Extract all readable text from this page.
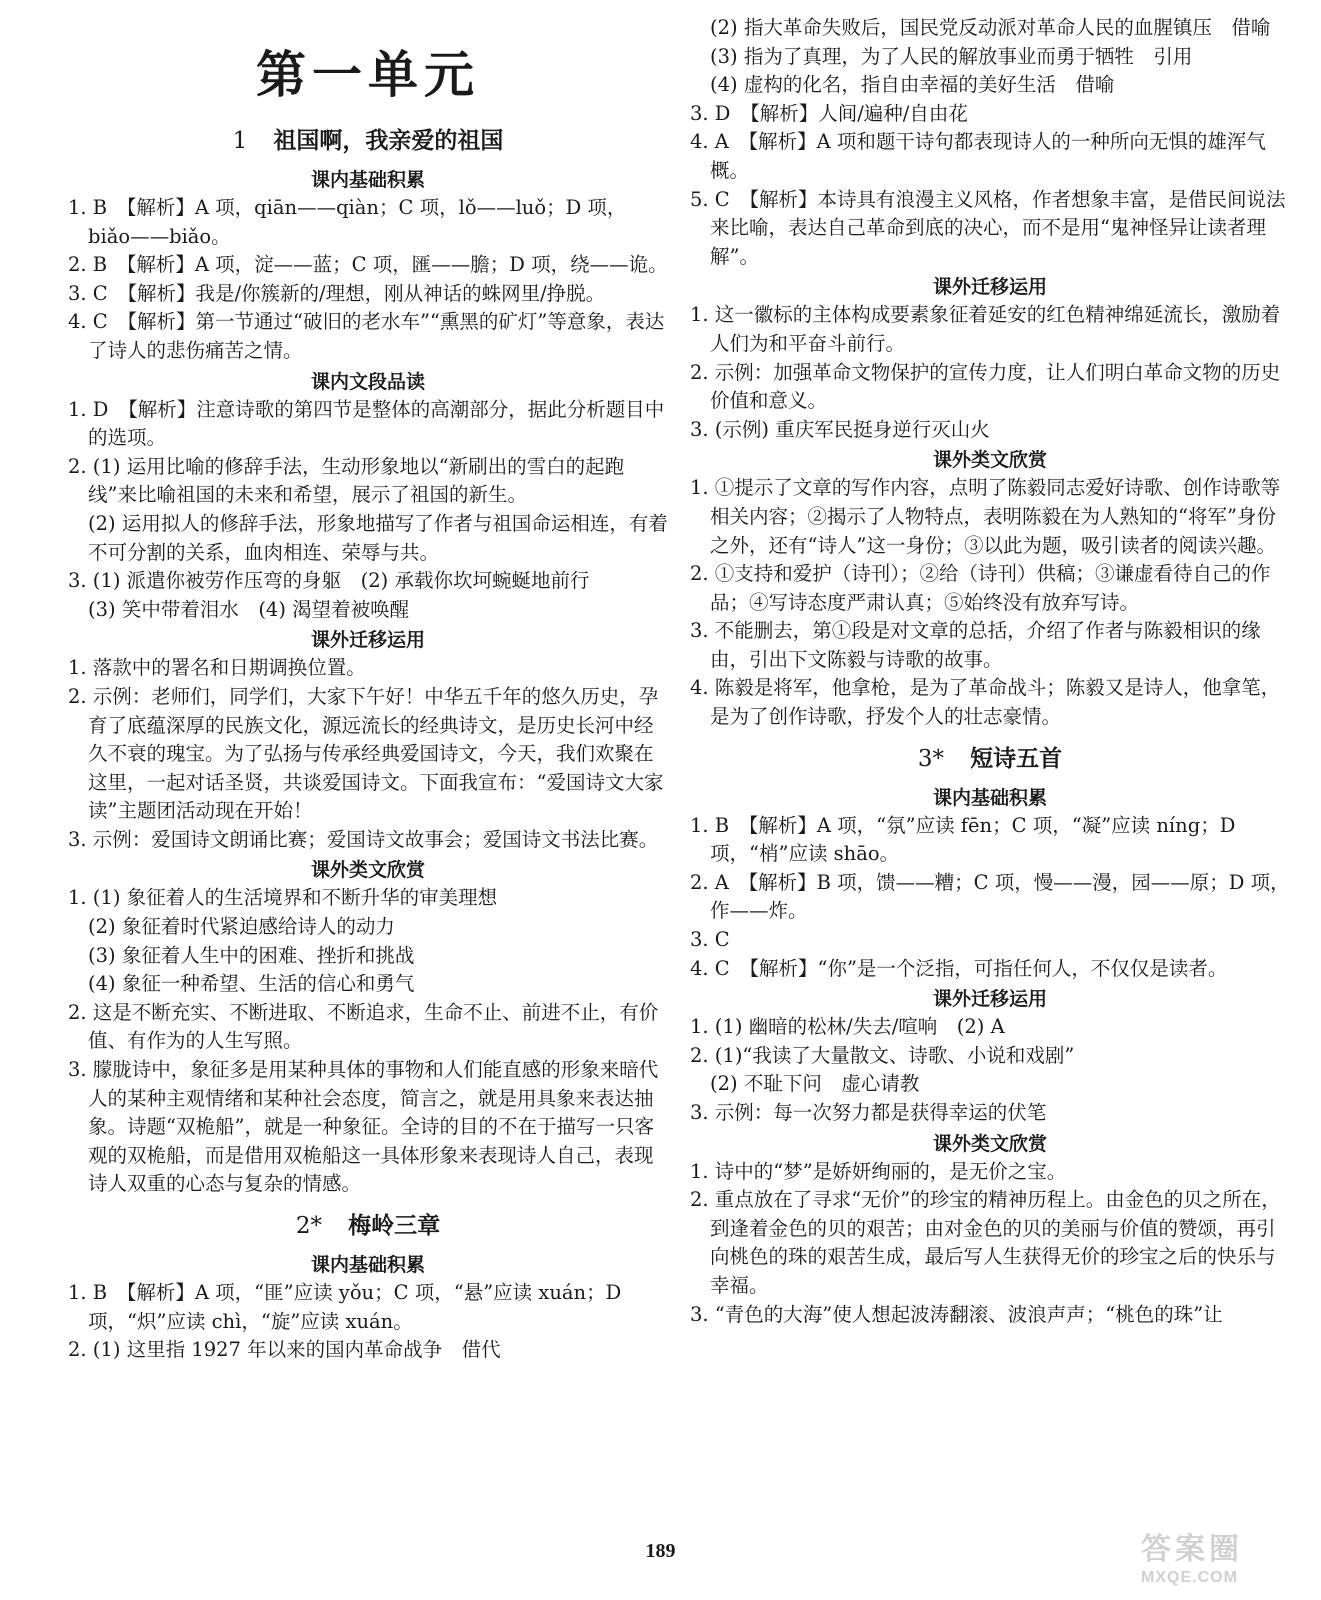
第一单元
1 祖国啊，我亲爱的祖国
课内基础积累

1. B　【解析】A 项，qiān——qiàn；C 项，lǒ——luǒ；D 项，biǎo——biǎo。

2. B　【解析】A 项，淀——蓝；C 项，匯——膽；D 项，绕——诡。

3. C　【解析】我是/你簇新的/理想，刚从神话的蛛网里/挣脱。

4. C　【解析】第一节通过“破旧的老水车”“熏黑的矿灯”等意象，表达了诗人的悲伤痛苦之情。

课内文段品读

1. D　【解析】注意诗歌的第四节是整体的高潮部分，据此分析题目中的选项。

2. (1) 运用比喻的修辞手法，生动形象地以“新刷出的雪白的起跑线”来比喻祖国的未来和希望，展示了祖国的新生。

(2) 运用拟人的修辞手法，形象地描写了作者与祖国命运相连，有着不可分割的关系，血肉相连、荣辱与共。

3. (1) 派遣你被劳作压弯的身躯　(2) 承载你坎坷蜿蜒地前行

(3) 笑中带着泪水　(4) 渴望着被唤醒

课外迁移运用

1. 落款中的署名和日期调换位置。

2. 示例：老师们，同学们，大家下午好！中华五千年的悠久历史，孕育了底蕴深厚的民族文化，源远流长的经典诗文，是历史长河中经久不衰的瑰宝。为了弘扬与传承经典爱国诗文，今天，我们欢聚在这里，一起对话圣贤，共谈爱国诗文。下面我宣布：“爱国诗文大家读”主题团活动现在开始！

3. 示例：爱国诗文朗诵比赛；爱国诗文故事会；爱国诗文书法比赛。

课外类文欣赏

1. (1) 象征着人的生活境界和不断升华的审美理想

(2) 象征着时代紧迫感给诗人的动力

(3) 象征着人生中的困难、挫折和挑战

(4) 象征一种希望、生活的信心和勇气

2. 这是不断充实、不断进取、不断追求，生命不止、前进不止，有价值、有作为的人生写照。

3. 朦胧诗中，象征多是用某种具体的事物和人们能直感的形象来暗代人的某种主观情绪和某种社会态度，简言之，就是用具象来表达抽象。诗题“双桅船”，就是一种象征。全诗的目的不在于描写一只客观的双桅船，而是借用双桅船这一具体形象来表现诗人自己，表现诗人双重的心态与复杂的情感。

2* 梅岭三章
课内基础积累

1. B　【解析】A 项，“匪”应读 yǒu；C 项，“悬”应读 xuán；D 项，“炽”应读 chì，“旋”应读 xuán。

2. (1) 这里指 1927 年以来的国内革命战争　借代

(2) 指大革命失败后，国民党反动派对革命人民的血腥镇压　借喻

(3) 指为了真理，为了人民的解放事业而勇于牺牲　引用

(4) 虚构的化名，指自由幸福的美好生活　借喻

3. D　【解析】人间/遍种/自由花

4. A　【解析】A 项和题干诗句都表现诗人的一种所向无惧的雄浑气概。

5. C　【解析】本诗具有浪漫主义风格，作者想象丰富，是借民间说法来比喻，表达自己革命到底的决心，而不是用“鬼神怪异让读者理解”。

课外迁移运用

1. 这一徽标的主体构成要素象征着延安的红色精神绵延流长，激励着人们为和平奋斗前行。

2. 示例：加强革命文物保护的宣传力度，让人们明白革命文物的历史价值和意义。

3. (示例) 重庆军民挺身逆行灭山火

课外类文欣赏

1. ①提示了文章的写作内容，点明了陈毅同志爱好诗歌、创作诗歌等相关内容；②揭示了人物特点，表明陈毅在为人熟知的“将军”身份之外，还有“诗人”这一身份；③以此为题，吸引读者的阅读兴趣。

2. ①支持和爱护（诗刊）；②给（诗刊）供稿；③谦虚看待自己的作品；④写诗态度严肃认真；⑤始终没有放弃写诗。

3. 不能删去，第①段是对文章的总括，介绍了作者与陈毅相识的缘由，引出下文陈毅与诗歌的故事。

4. 陈毅是将军，他拿枪，是为了革命战斗；陈毅又是诗人，他拿笔，是为了创作诗歌，抒发个人的壮志豪情。

3* 短诗五首
课内基础积累

1. B　【解析】A 项，“氛”应读 fēn；C 项，“凝”应读 níng；D 项，“梢”应读 shāo。

2. A　【解析】B 项，馈——糟；C 项，慢——漫，园——原；D 项，作——炸。

3. C

4. C　【解析】“你”是一个泛指，可指任何人，不仅仅是读者。

课外迁移运用

1. (1) 幽暗的松林/失去/喧响　(2) A

2. (1)“我读了大量散文、诗歌、小说和戏剧”

(2) 不耻下问　虚心请教

3. 示例：每一次努力都是获得幸运的伏笔

课外类文欣赏

1. 诗中的“梦”是娇妍绚丽的，是无价之宝。

2. 重点放在了寻求“无价”的珍宝的精神历程上。由金色的贝之所在，到逢着金色的贝的艰苦；由对金色的贝的美丽与价值的赞颂，再引向桃色的珠的艰苦生成，最后写人生获得无价的珍宝之后的快乐与幸福。

3. “青色的大海”使人想起波涛翻滚、波浪声声；“桃色的珠”让

189	答案圈
MXQE.COM
